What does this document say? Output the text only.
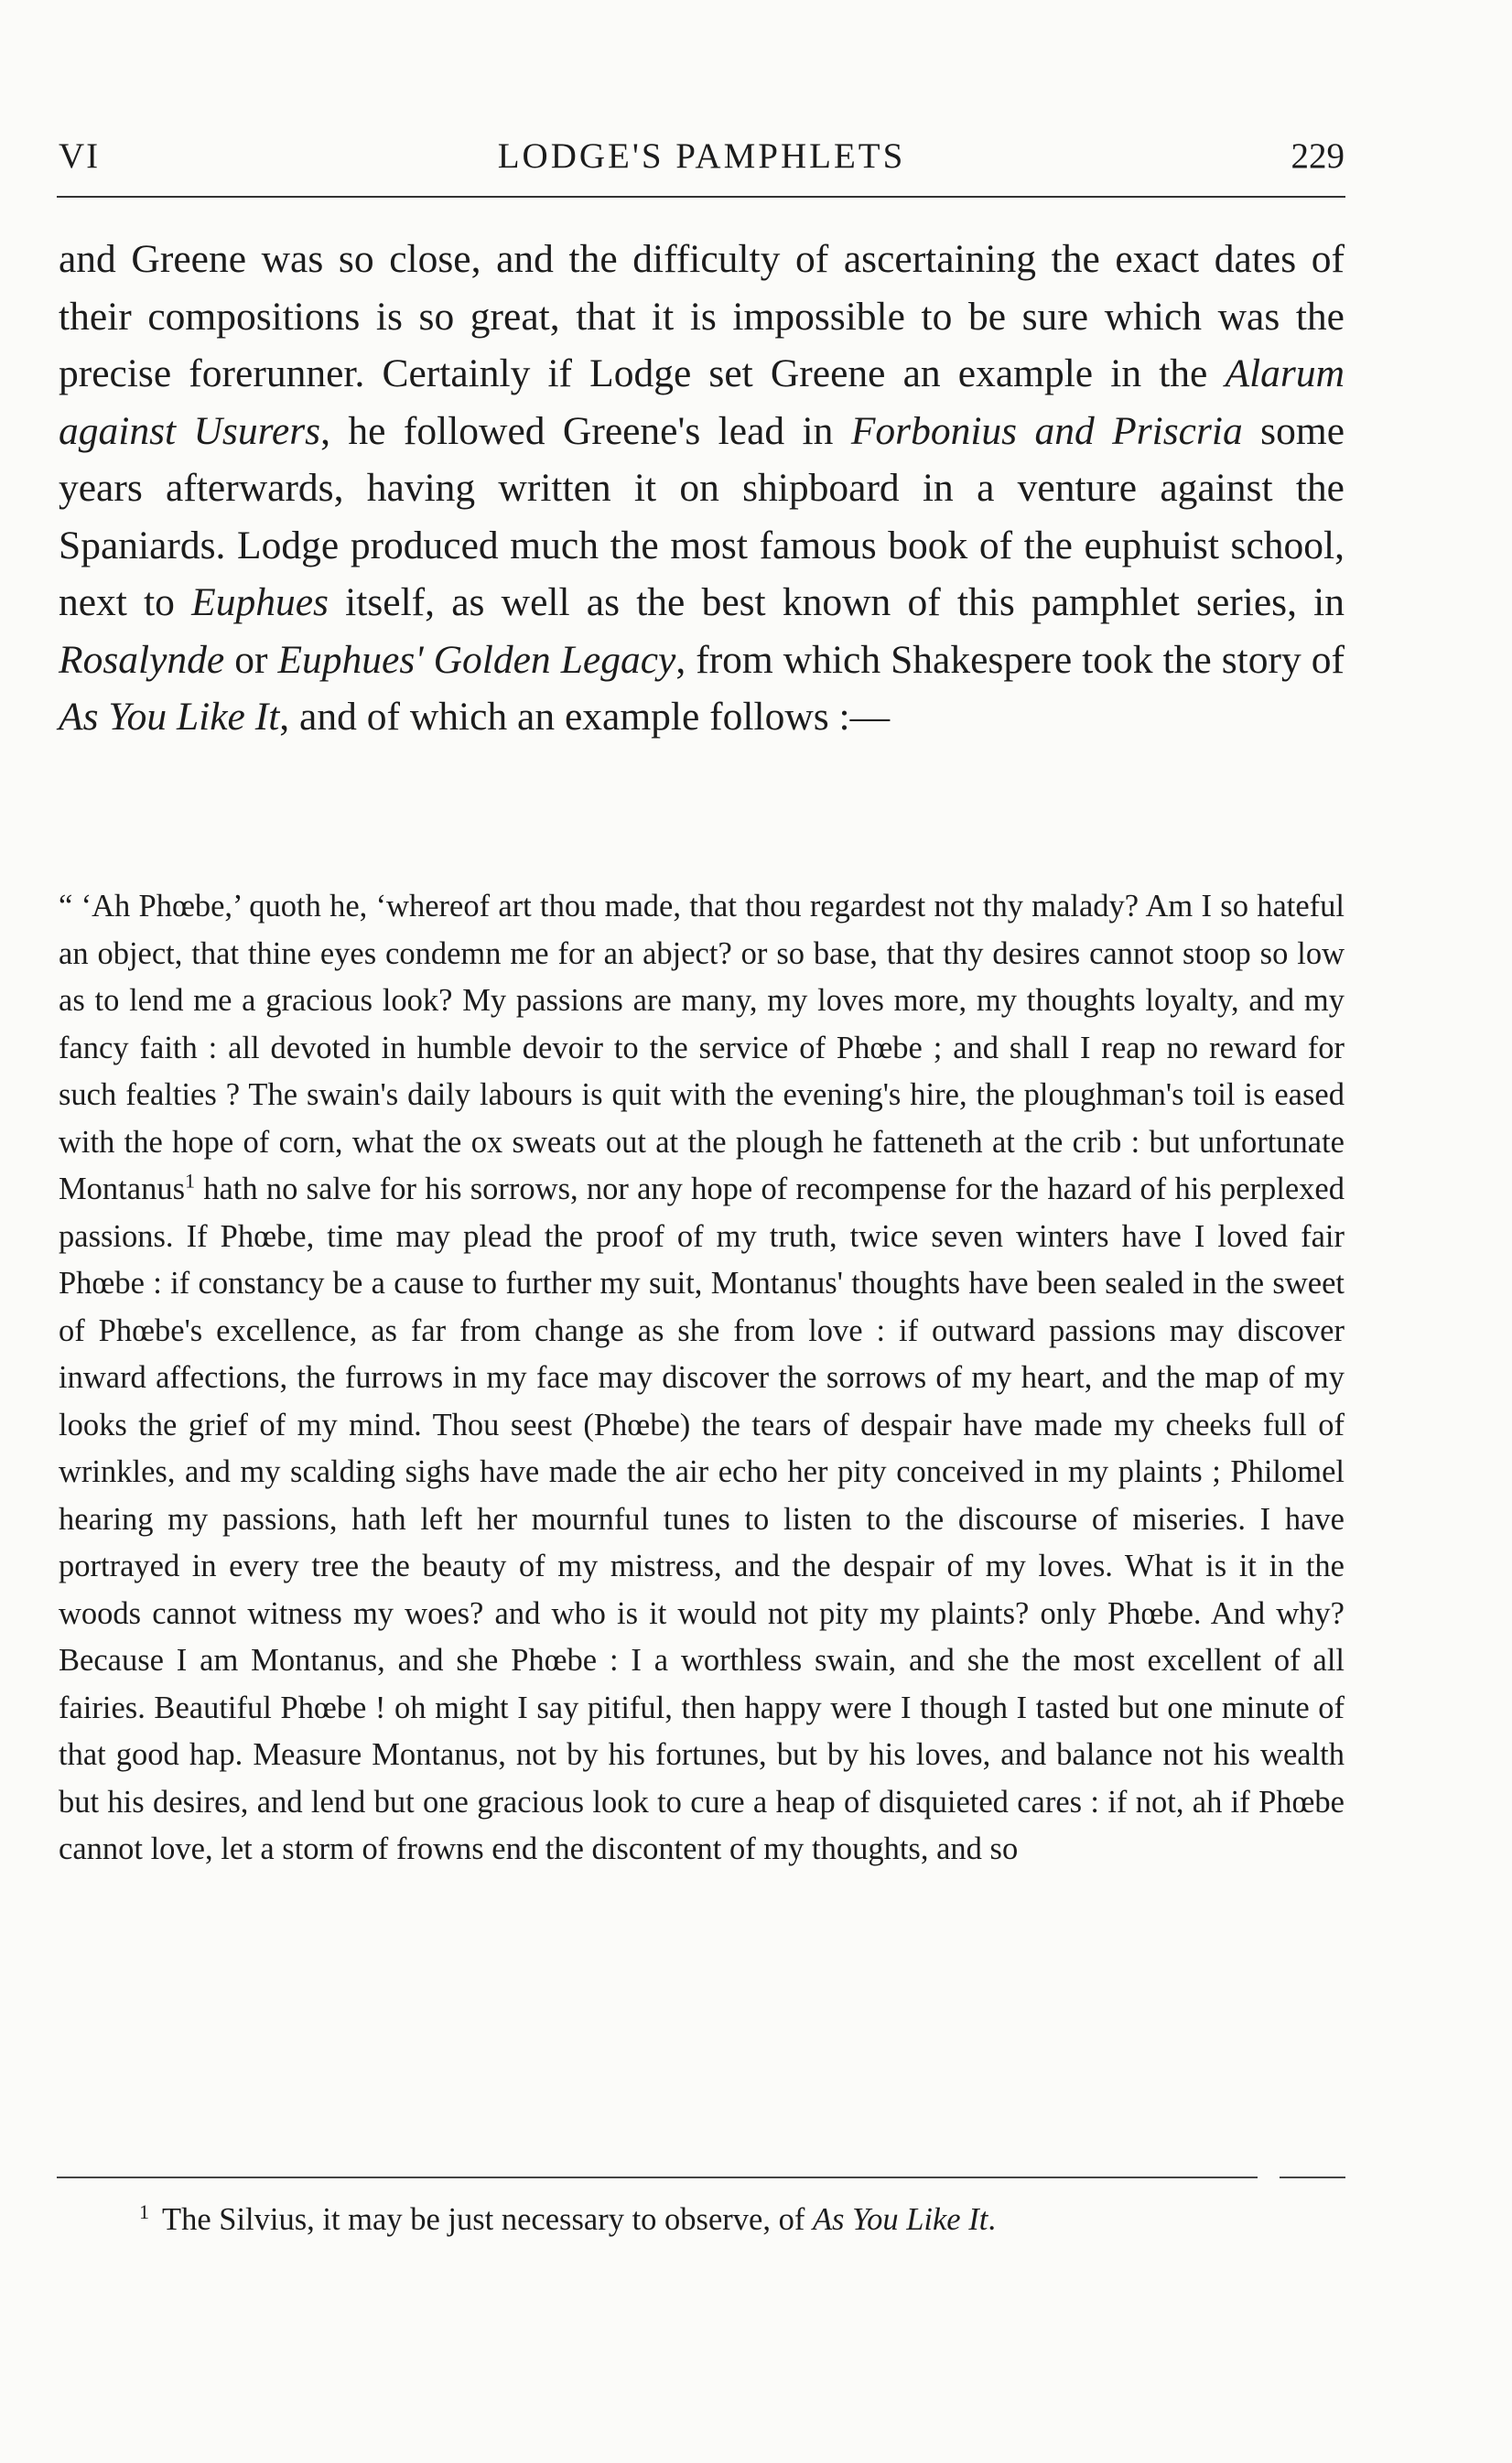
VI	LODGE'S PAMPHLETS	229

and Greene was so close, and the difficulty of ascertaining the exact dates of their compositions is so great, that it is impossible to be sure which was the precise forerunner. Certainly if Lodge set Greene an example in the Alarum against Usurers, he followed Greene's lead in Forbonius and Priscria some years afterwards, having written it on shipboard in a venture against the Spaniards. Lodge produced much the most famous book of the euphuist school, next to Euphues itself, as well as the best known of this pamphlet series, in Rosalynde or Euphues' Golden Legacy, from which Shakespere took the story of As You Like It, and of which an example follows :—

“ ‘Ah Phœbe,’ quoth he, ‘whereof art thou made, that thou regardest not thy malady? Am I so hateful an object, that thine eyes condemn me for an abject? or so base, that thy desires cannot stoop so low as to lend me a gracious look? My passions are many, my loves more, my thoughts loyalty, and my fancy faith : all devoted in humble devoir to the service of Phœbe ; and shall I reap no reward for such fealties ? The swain's daily labours is quit with the evening's hire, the ploughman's toil is eased with the hope of corn, what the ox sweats out at the plough he fatteneth at the crib : but unfortunate Montanus$^1$ hath no salve for his sorrows, nor any hope of recompense for the hazard of his perplexed passions. If Phœbe, time may plead the proof of my truth, twice seven winters have I loved fair Phœbe : if constancy be a cause to further my suit, Montanus' thoughts have been sealed in the sweet of Phœbe's excellence, as far from change as she from love : if outward passions may discover inward affections, the furrows in my face may discover the sorrows of my heart, and the map of my looks the grief of my mind. Thou seest (Phœbe) the tears of despair have made my cheeks full of wrinkles, and my scalding sighs have made the air echo her pity conceived in my plaints ; Philomel hearing my passions, hath left her mournful tunes to listen to the discourse of miseries. I have portrayed in every tree the beauty of my mistress, and the despair of my loves. What is it in the woods cannot witness my woes? and who is it would not pity my plaints? only Phœbe. And why? Because I am Montanus, and she Phœbe : I a worthless swain, and she the most excellent of all fairies. Beautiful Phœbe ! oh might I say pitiful, then happy were I though I tasted but one minute of that good hap. Measure Montanus, not by his fortunes, but by his loves, and balance not his wealth but his desires, and lend but one gracious look to cure a heap of disquieted cares : if not, ah if Phœbe cannot love, let a storm of frowns end the discontent of my thoughts, and so

$^1$ The Silvius, it may be just necessary to observe, of As You Like It.
